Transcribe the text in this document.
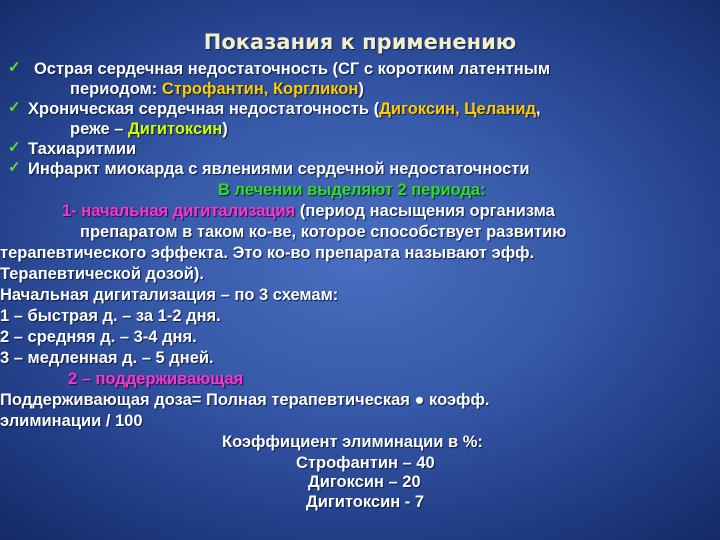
Показания к применению
✓
  Острая сердечная недостаточность (СГ с коротким латентным
периодом: Строфантин, Коргликон)
✓ Хроническая сердечная недостаточность (Дигоксин, Целанид,
реже – Дигитоксин)
✓ Тахиаритмии
✓ Инфаркт миокарда с явлениями сердечной недостаточности
В лечении выделяют 2 периода:
1- начальная дигитализация (период насыщения организма
препаратом в таком ко-ве, которое способствует развитию
терапевтического эффекта. Это ко-во препарата называют эфф.
Терапевтической дозой).
Начальная дигитализация – по 3 схемам:
1 – быстрая д. – за 1-2 дня.
2 – средняя д. – 3-4 дня.
3 – медленная д. – 5 дней.
2 – поддерживающая
Поддерживающая доза= Полная терапевтическая ● коэфф.
элиминации / 100
Коэффициент элиминации в %:
Строфантин – 40
Дигоксин – 20
Дигитоксин - 7
